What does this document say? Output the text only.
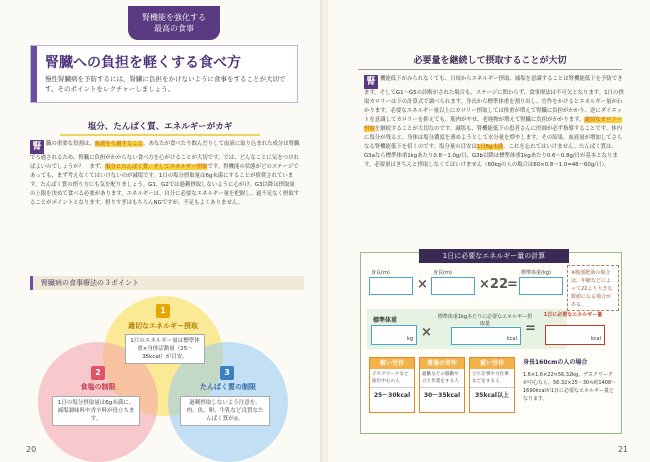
腎機能を強化する
最高の食事
腎臓への負担を軽くする食べ方
慢性腎臓病を予防するには、腎臓に負担をかけないように食事をすることが大切です。そのポイントをレクチャーしましょう。
塩分、たんぱく質、エネルギーがカギ
腎 臓の重要な役割は、血液をろ過すること。あなたが食べたり飲んだりして血液に取り込まれた成分は腎臓でろ過されるため、腎臓に負担がかからない食べ方を心がけることが大切です。では、どんなことに気をつければよいのでしょうか？　まず、塩分とたんぱく質、そしてエネルギー摂取です。腎機能の状態がどのステージであっても、まず考えなくてはいけないのが減塩です。1日の塩分摂取量は6g未満にすることが推奨されています。たんぱく質の摂り方にも気を配りましょう。G1、G2では過剰摂取しないように心がけ、G3以降は摂取量の上限を決めて食べる必要があります。エネルギーは、自分に必要なエネルギー量を把握し、過不足なく摂取することがポイントとなります。摂りすぎはもちろんNGですが、不足もよくありません。
腎臓病の食事療法の３ポイント
1
適切なエネルギー摂取
1日のエネルギー量は標準体重×身体活動量（25〜35kcal）が目安。
2
食塩の制限
1日の塩分摂取量は6g未満に。減塩調味料や香辛料が役立ちます。
3
たんぱく質の制限
過剰摂取しないよう注意を。肉、魚、卵、牛乳など良質なたんぱく質が◎。
20
必要量を継続して摂取することが大切
腎 機能低下がみられなくても、日頃からエネルギー摂取、減塩を意識することは腎機能低下を予防できます。そしてG1〜G5の診断がされた場合も、ステージに関わらず、食事療法は不可欠となります。1日の摂取カロリーは下の計算式で調べられます。身長から標準体重を割り出し、労作をかけるとエネルギー量がわかります。必要なエネルギー量以上にカロリー摂取しては体重が増えて腎臓に負担がかかり、逆にダイエットを意識してカロリーを抑えても、筋肉がやせ、老廃物が増えて腎臓に負担がかかります。適切なカロリー摂取を継続することが大切なのです。減塩も、腎機能低下の患者さんに医師が必ず指導することです。体内に塩分が残ると、身体は塩分濃度を薄めようとして水分量を増やします。その結果、血液量が増加してさらなる腎機能低下を招くのです。塩分量の目安は1日6g未満。これを忘れてはいけません。たんぱく質は、G3aなら標準体重1kgあたり0.8〜1.0g/日、G3b以降は標準体重1kgあたり0.6〜0.8g/日が基本となります。必要量はきちんと摂取しなくてはいけません（60kgの人の場合は60×0.8〜1.0=48〜60g/日）。
1日に必要なエネルギー量の計算
身長(m)
×
身長(m)
×22 =
標準体重(kg)	※腹部肥満の場合は、年齢などによって22より大きな数値になる場合がある。
標準体重
kg ×
標準体重1kgあたりに必要なエネルギー摂取量
kcal
=
1日に必要なエネルギー量
kcal
軽い労作
デスクワークなど座位中心の人
25〜30kcal
普通の労作
通勤などの移動や立ち作業をする人
30〜35kcal
重い労作
立ち仕事や力仕事などをする人
35kcal以上
身長160cmの人の場合
1.6×1.6×22≒56.32kg。デスクワークが中心なら、56.32×25〜30≒約1408〜1690kcalが1日に必要なエネルギー量となります。
21
